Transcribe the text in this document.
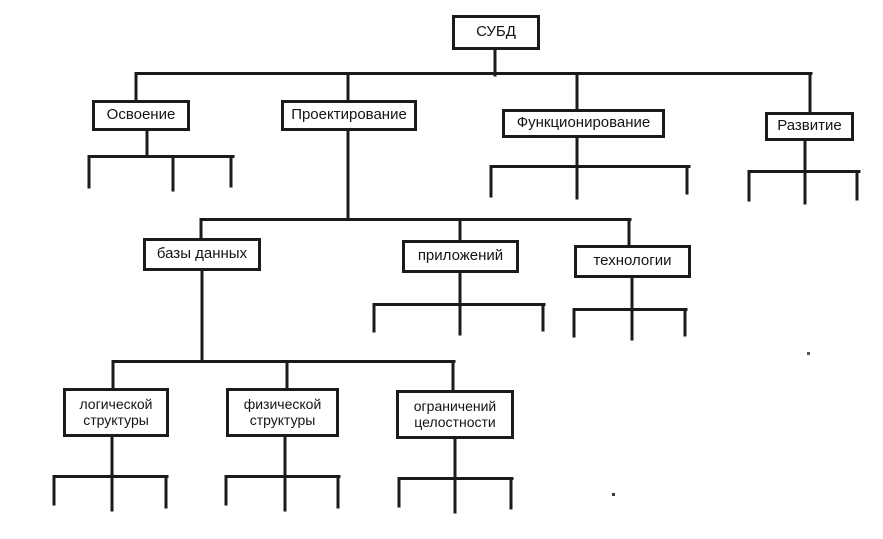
СУБД
Освоение	Проектирование	Функционирование	Развитие
базы данных	приложений	технологии
логической структуры
физической структуры
ограничений целостности
